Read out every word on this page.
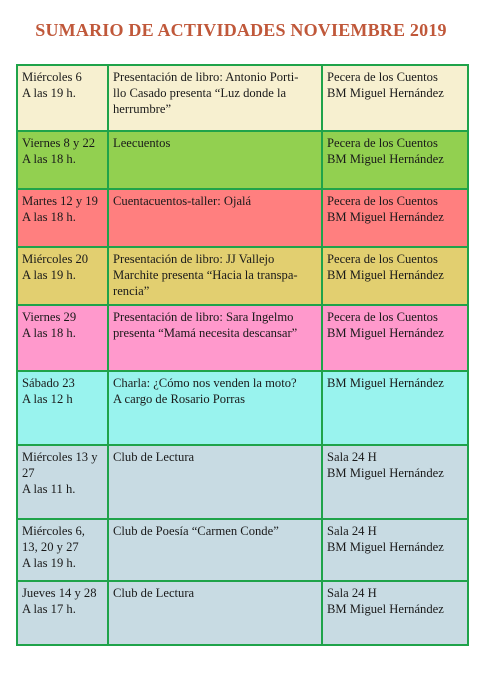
SUMARIO DE ACTIVIDADES NOVIEMBRE 2019
Miércoles 6
A las 19 h.	Presentación de libro: Antonio Porti-
llo Casado presenta “Luz donde la
herrumbre”	Pecera de los Cuentos
BM Miguel Hernández
Viernes 8 y 22
A las 18 h.	Leecuentos	Pecera de los Cuentos
BM Miguel Hernández
Martes 12 y 19
A las 18 h.	Cuentacuentos-taller: Ojalá	Pecera de los Cuentos
BM Miguel Hernández
Miércoles 20
A las 19 h.	Presentación de libro: JJ Vallejo
Marchite presenta “Hacia la transpa-
rencia”	Pecera de los Cuentos
BM Miguel Hernández
Viernes 29
A las 18 h.	Presentación de libro: Sara Ingelmo
presenta “Mamá necesita descansar”	Pecera de los Cuentos
BM Miguel Hernández
Sábado 23
A las 12 h	Charla: ¿Cómo nos venden la moto?
A cargo de Rosario Porras	BM Miguel Hernández
Miércoles 13 y
27
A las 11 h.	Club de Lectura	Sala 24 H
BM Miguel Hernández
Miércoles 6,
13, 20 y 27
A las 19 h.	Club de Poesía “Carmen Conde”	Sala 24 H
BM Miguel Hernández
Jueves 14 y 28
A las 17 h.	Club de Lectura	Sala 24 H
BM Miguel Hernández
